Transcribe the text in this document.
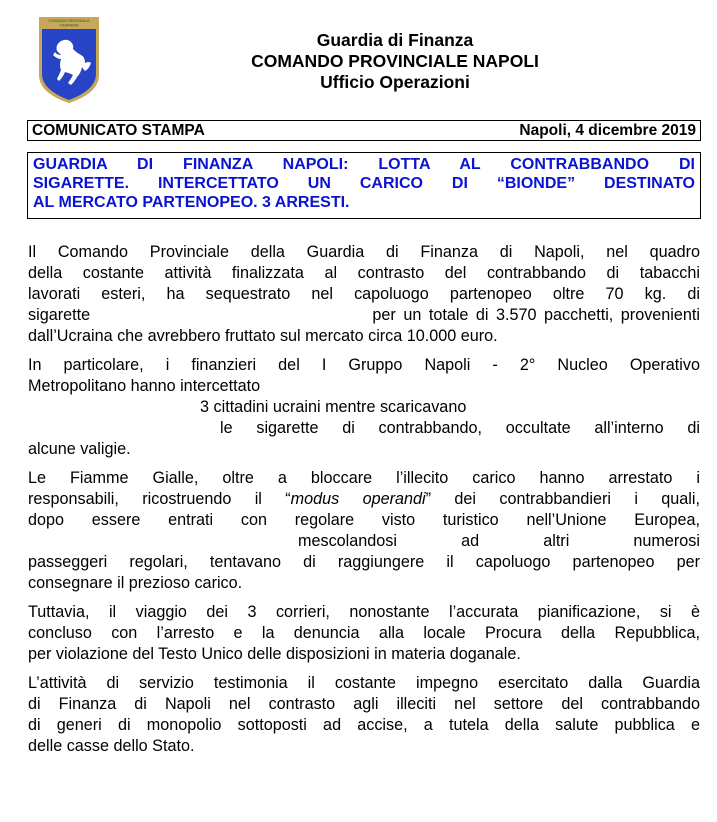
COMANDO REGIONALE
CAMPANIA
Guardia di Finanza
COMANDO PROVINCIALE NAPOLI
Ufficio Operazioni
COMUNICATO STAMPA	Napoli, 4 dicembre 2019
GUARDIA DI FINANZA NAPOLI: LOTTA AL CONTRABBANDO DI
SIGARETTE. INTERCETTATO UN CARICO DI “BIONDE” DESTINATO
AL MERCATO PARTENOPEO. 3 ARRESTI.

Il Comando Provinciale della Guardia di Finanza di Napoli, nel quadro
della costante attività finalizzata al contrasto del contrabbando di tabacchi
lavorati esteri, ha sequestrato nel capoluogo partenopeo oltre 70 kg. di
sigarette	per un totale di 3.570 pacchetti, provenienti
dall’Ucraina che avrebbero fruttato sul mercato circa 10.000 euro.

In particolare, i finanzieri del I Gruppo Napoli - 2° Nucleo Operativo
Metropolitano hanno intercettato
3 cittadini ucraini mentre scaricavano
le sigarette di contrabbando, occultate all’interno di
alcune valigie.

Le Fiamme Gialle, oltre a bloccare l’illecito carico hanno arrestato i
responsabili, ricostruendo il “modus operandi” dei contrabbandieri i quali,
dopo essere entrati con regolare visto turistico nell’Unione Europea,
mescolandosi ad altri numerosi
passeggeri regolari, tentavano di raggiungere il capoluogo partenopeo per
consegnare il prezioso carico.

Tuttavia, il viaggio dei 3 corrieri, nonostante l’accurata pianificazione, si è
concluso con l’arresto e la denuncia alla locale Procura della Repubblica,
per violazione del Testo Unico delle disposizioni in materia doganale.

L’attività di servizio testimonia il costante impegno esercitato dalla Guardia
di Finanza di Napoli nel contrasto agli illeciti nel settore del contrabbando
di generi di monopolio sottoposti ad accise, a tutela della salute pubblica e
delle casse dello Stato.
